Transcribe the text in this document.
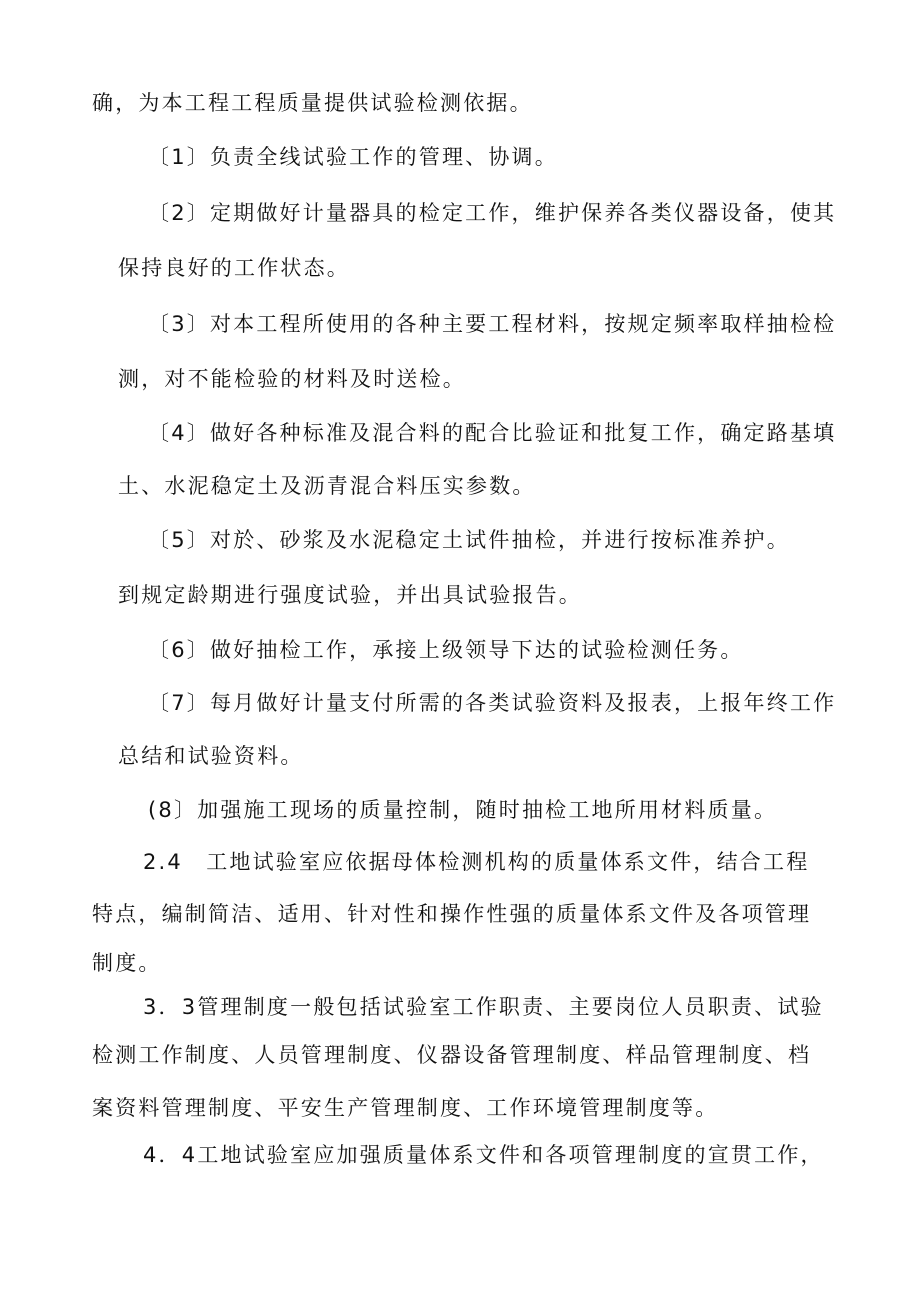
确，为本工程工程质量提供试验检测依据。
〔1〕负责全线试验工作的管理、协调。
〔2〕定期做好计量器具的检定工作，维护保养各类仪器设备，使其
保持良好的工作状态。
〔3〕对本工程所使用的各种主要工程材料，按规定频率取样抽检检
测，对不能检验的材料及时送检。
〔4〕做好各种标准及混合料的配合比验证和批复工作，确定路基填
土、水泥稳定土及沥青混合料压实参数。
〔5〕对於、砂浆及水泥稳定土试件抽检，并进行按标准养护。
到规定龄期进行强度试验，并出具试验报告。
〔6〕做好抽检工作，承接上级领导下达的试验检测任务。
〔7〕每月做好计量支付所需的各类试验资料及报表，上报年终工作
总结和试验资料。
(8〕加强施工现场的质量控制，随时抽检工地所用材料质量。
2.4　工地试验室应依据母体检测机构的质量体系文件，结合工程
特点，编制简洁、适用、针对性和操作性强的质量体系文件及各项管理
制度。
3．3管理制度一般包括试验室工作职责、主要岗位人员职责、试验
检测工作制度、人员管理制度、仪器设备管理制度、样品管理制度、档
案资料管理制度、平安生产管理制度、工作环境管理制度等。
4．4工地试验室应加强质量体系文件和各项管理制度的宣贯工作，
